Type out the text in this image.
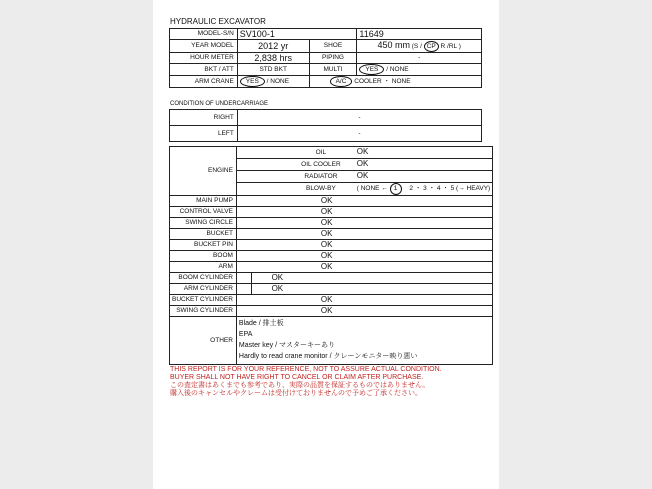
HYDRAULIC EXCAVATOR
MODEL-S/N	SV100-1		11649
YEAR MODEL	2012 yr	SHOE	450 mm (S / CP R /RL )
HOUR METER	2,838 hrs	PIPING	-
BKT / ATT	STD BKT	MULTI	YES / NONE
ARM CRANE	YES / NONE	A/C COOLER ・ NONE	
CONDITION OF UNDERCARRIAGE
RIGHT	-
LEFT	-
ENGINE	OIL OK	
	OIL COOLER OK	
	RADIATOR OK	
	BLOW-BY ( NONE ← 1 2 ・ 3 ・ 4 ・ 5 (→ HEAVY)	
MAIN PUMP	OK	
CONTROL VALVE	OK	
SWING CIRCLE	OK	
BUCKET	OK	
BUCKET PIN	OK	
BOOM	OK	
ARM	OK	
BOOM CYLINDER		OK
ARM CYLINDER		OK
BUCKET CYLINDER	OK	
SWING CYLINDER	OK	
OTHER	Blade / 排土板
EPA
Master key / マスターキーあり
Hardly to read crane monitor / クレーンモニター映り悪い	
THIS REPORT IS FOR YOUR REFERENCE, NOT TO ASSURE ACTUAL CONDITION.
BUYER SHALL NOT HAVE RIGHT TO CANCEL OR CLAIM AFTER PURCHASE.
この査定書はあくまでも参考であり、実際の品質を保証するものではありません。
購入後のキャンセルやクレームは受付けておりませんので予めご了承ください。
